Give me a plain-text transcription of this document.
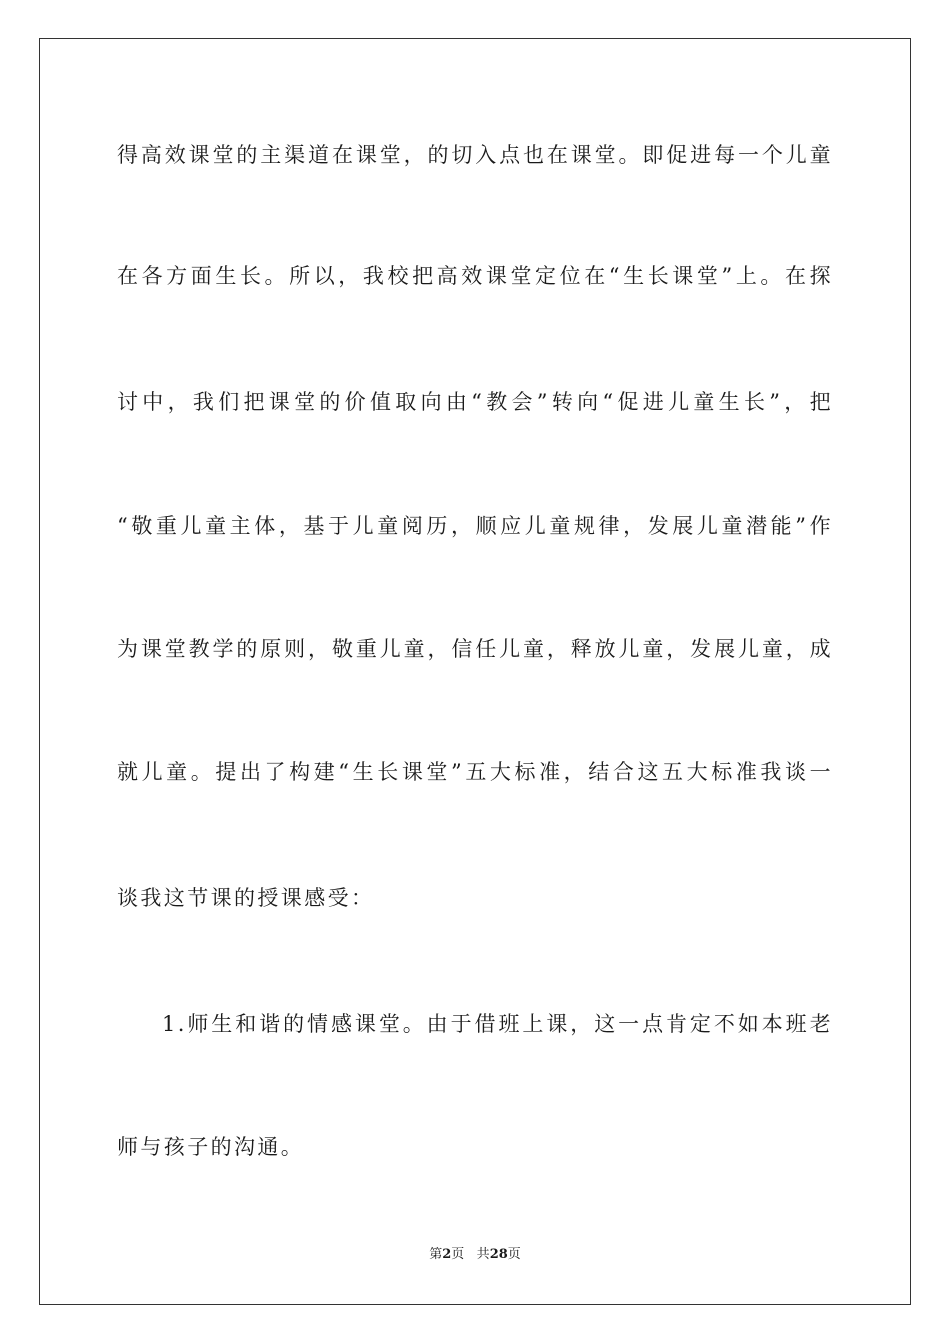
得高效课堂的主渠道在课堂，的切入点也在课堂。即促进每一个儿童
在各方面生长。所以，我校把高效课堂定位在“生长课堂”上。在探
讨中，我们把课堂的价值取向由“教会”转向“促进儿童生长”，把
“敬重儿童主体，基于儿童阅历，顺应儿童规律，发展儿童潜能”作
为课堂教学的原则，敬重儿童，信任儿童，释放儿童，发展儿童，成
就儿童。提出了构建“生长课堂”五大标准，结合这五大标准我谈一
谈我这节课的授课感受：
1.师生和谐的情感课堂。由于借班上课，这一点肯定不如本班老
师与孩子的沟通。
第2页 共28页
